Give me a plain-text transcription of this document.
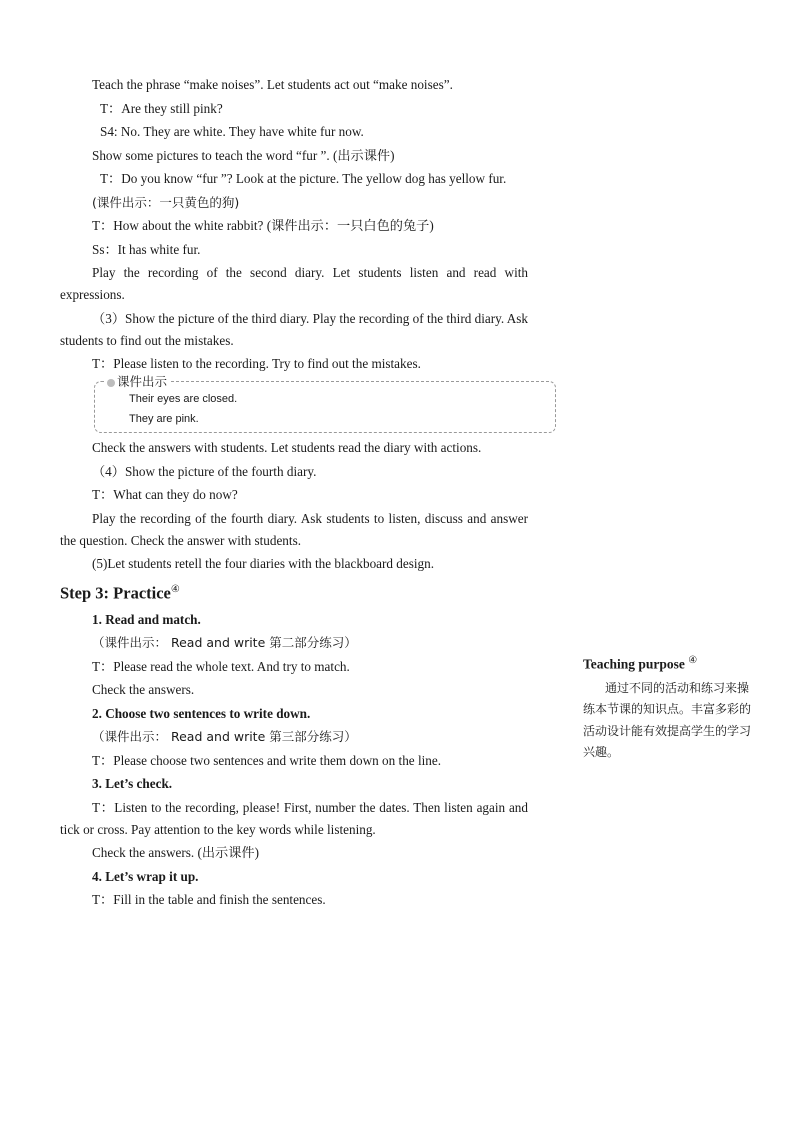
Teach the phrase “make noises”. Let students act out “make noises”.

T：Are they still pink?

S4: No. They are white. They have white fur now.

Show some pictures to teach the word “fur ”. (出示课件)

T：Do you know “fur ”? Look at the picture. The yellow dog has yellow fur.

(课件出示：一只黄色的狗)

T：How about the white rabbit? (课件出示：一只白色的兔子)

Ss：It has white fur.

Play the recording of the second diary. Let students listen and read with expressions.

（3）Show the picture of the third diary. Play the recording of the third diary. Ask students to find out the mistakes.

T：Please listen to the recording. Try to find out the mistakes.

课件出示
Their eyes are closed.
They are pink.

Check the answers with students. Let students read the diary with actions.

（4）Show the picture of the fourth diary.

T：What can they do now?

Play the recording of the fourth diary. Ask students to listen, discuss and answer the question. Check the answer with students.

(5)Let students retell the four diaries with the blackboard design.

Step 3: Practice④

1. Read and match.

（课件出示： Read and write 第二部分练习）

T：Please read the whole text. And try to match.

Check the answers.

2. Choose two sentences to write down.

（课件出示： Read and write 第三部分练习）

T：Please choose two sentences and write them down on the line.

3. Let’s check.

T：Listen to the recording, please! First, number the dates. Then listen again and tick or cross. Pay attention to the key words while listening.

Check the answers. (出示课件)

4. Let’s wrap it up.

T：Fill in the table and finish the sentences.

Teaching purpose ④

通过不同的活动和练习来操练本节课的知识点。丰富多彩的活动设计能有效提高学生的学习兴趣。
